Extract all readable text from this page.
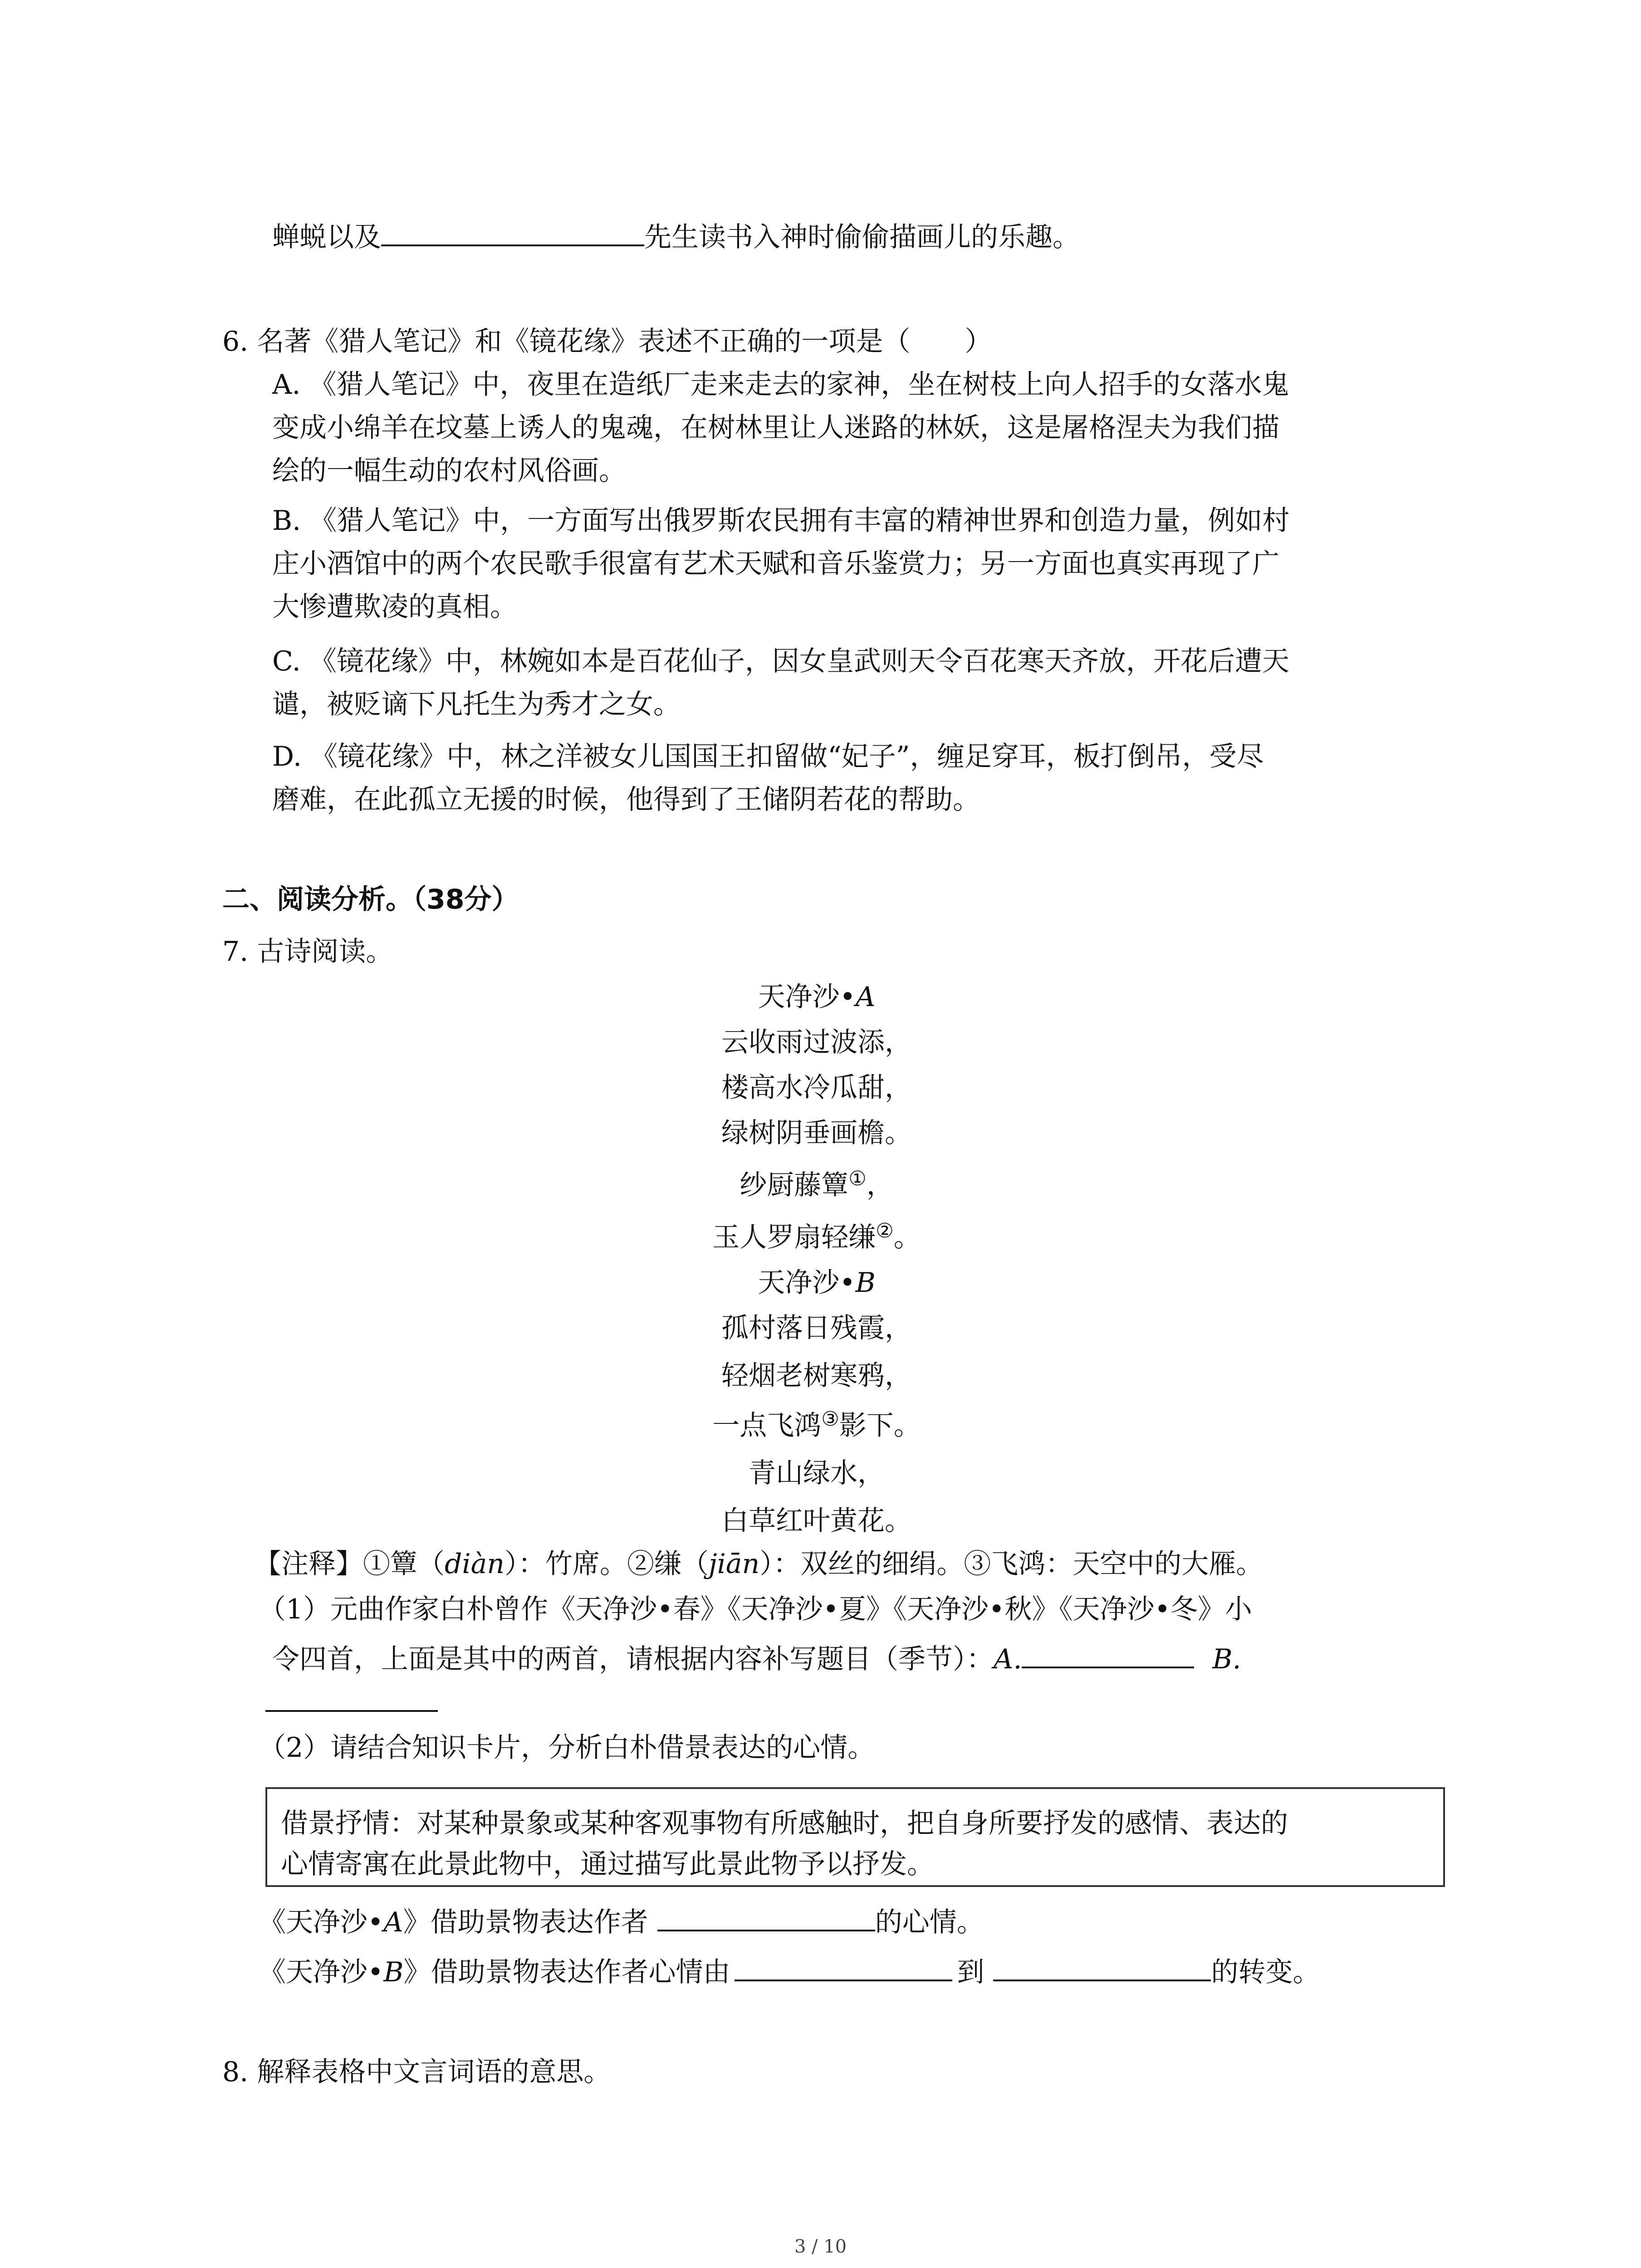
蝉蜕以及	先生读书入神时偷偷描画儿的乐趣。
6. 名著《猎人笔记》和《镜花缘》表述不正确的一项是（　　）
A. 《猎人笔记》中，夜里在造纸厂走来走去的家神，坐在树枝上向人招手的女落水鬼
变成小绵羊在坟墓上诱人的鬼魂，在树林里让人迷路的林妖，这是屠格涅夫为我们描
绘的一幅生动的农村风俗画。
B. 《猎人笔记》中，一方面写出俄罗斯农民拥有丰富的精神世界和创造力量，例如村
庄小酒馆中的两个农民歌手很富有艺术天赋和音乐鉴赏力；另一方面也真实再现了广
大惨遭欺凌的真相。
C. 《镜花缘》中，林婉如本是百花仙子，因女皇武则天令百花寒天齐放，开花后遭天
谴，被贬谪下凡托生为秀才之女。
D. 《镜花缘》中，林之洋被女儿国国王扣留做“妃子”，缠足穿耳，板打倒吊，受尽
磨难，在此孤立无援的时候，他得到了王储阴若花的帮助。
二、阅读分析。（38分）
7. 古诗阅读。
天净沙•A
云收雨过波添，
楼高水冷瓜甜，
绿树阴垂画檐。
纱厨藤簟①，
玉人罗扇轻缣②。
天净沙•B
孤村落日残霞，
轻烟老树寒鸦，
一点飞鸿③影下。
青山绿水，
白草红叶黄花。
【注释】①簟（diàn）：竹席。②缣（jiān）：双丝的细绢。③飞鸿：天空中的大雁。
（1）元曲作家白朴曾作《天净沙•春》《天净沙•夏》《天净沙•秋》《天净沙•冬》小
令四首，上面是其中的两首，请根据内容补写题目（季节）：A.	B.
（2）请结合知识卡片，分析白朴借景表达的心情。
借景抒情：对某种景象或某种客观事物有所感触时，把自身所要抒发的感情、表达的
心情寄寓在此景此物中，通过描写此景此物予以抒发。
《天净沙•A》借助景物表达作者	的心情。
《天净沙•B》借助景物表达作者心情由	到	的转变。
8. 解释表格中文言词语的意思。
3 / 10
